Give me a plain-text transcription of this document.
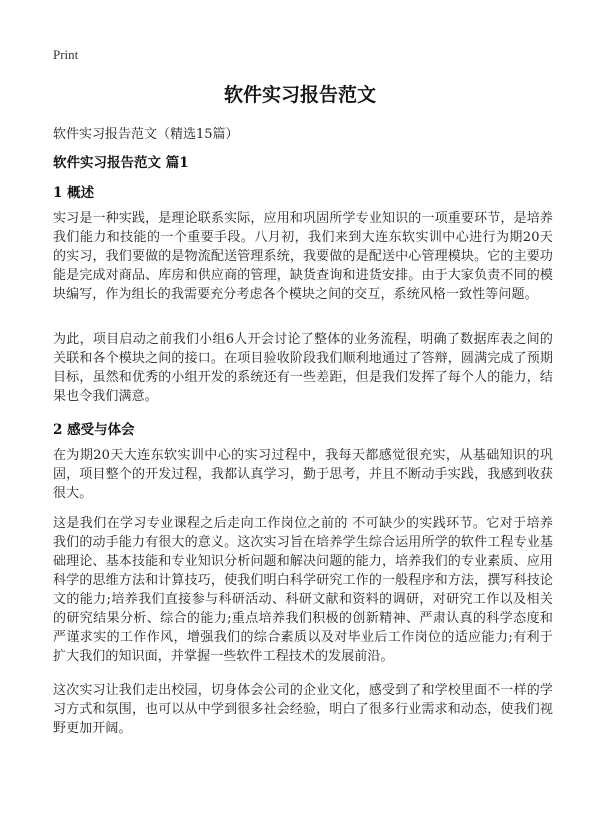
Print
软件实习报告范文
软件实习报告范文（精选15篇）
软件实习报告范文 篇1
1 概述

实习是一种实践，是理论联系实际，应用和巩固所学专业知识的一项重要环节，是培养我们能力和技能的一个重要手段。八月初，我们来到大连东软实训中心进行为期20天的实习，我们要做的是物流配送管理系统，我要做的是配送中心管理模块。它的主要功能是完成对商品、库房和供应商的管理，缺货查询和进货安排。由于大家负责不同的模块编写，作为组长的我需要充分考虑各个模块之间的交互，系统风格一致性等问题。

为此，项目启动之前我们小组6人开会讨论了整体的业务流程，明确了数据库表之间的关联和各个模块之间的接口。在项目验收阶段我们顺利地通过了答辩，圆满完成了预期目标，虽然和优秀的小组开发的系统还有一些差距，但是我们发挥了每个人的能力，结果也令我们满意。

2 感受与体会

在为期20天大连东软实训中心的实习过程中，我每天都感觉很充实，从基础知识的巩固，项目整个的开发过程，我都认真学习，勤于思考，并且不断动手实践，我感到收获很大。

这是我们在学习专业课程之后走向工作岗位之前的 不可缺少的实践环节。它对于培养我们的动手能力有很大的意义。这次实习旨在培养学生综合运用所学的软件工程专业基础理论、基本技能和专业知识分析问题和解决问题的能力，培养我们的专业素质、应用科学的思维方法和计算技巧，使我们明白科学研究工作的一般程序和方法，撰写科技论文的能力;培养我们直接参与科研活动、科研文献和资料的调研，对研究工作以及相关的研究结果分析、综合的能力;重点培养我们积极的创新精神、严肃认真的科学态度和严谨求实的工作作风，增强我们的综合素质以及对毕业后工作岗位的适应能力;有利于扩大我们的知识面，并掌握一些软件工程技术的发展前沿。

这次实习让我们走出校园，切身体会公司的企业文化，感受到了和学校里面不一样的学习方式和氛围，也可以从中学到很多社会经验，明白了很多行业需求和动态，使我们视野更加开阔。
